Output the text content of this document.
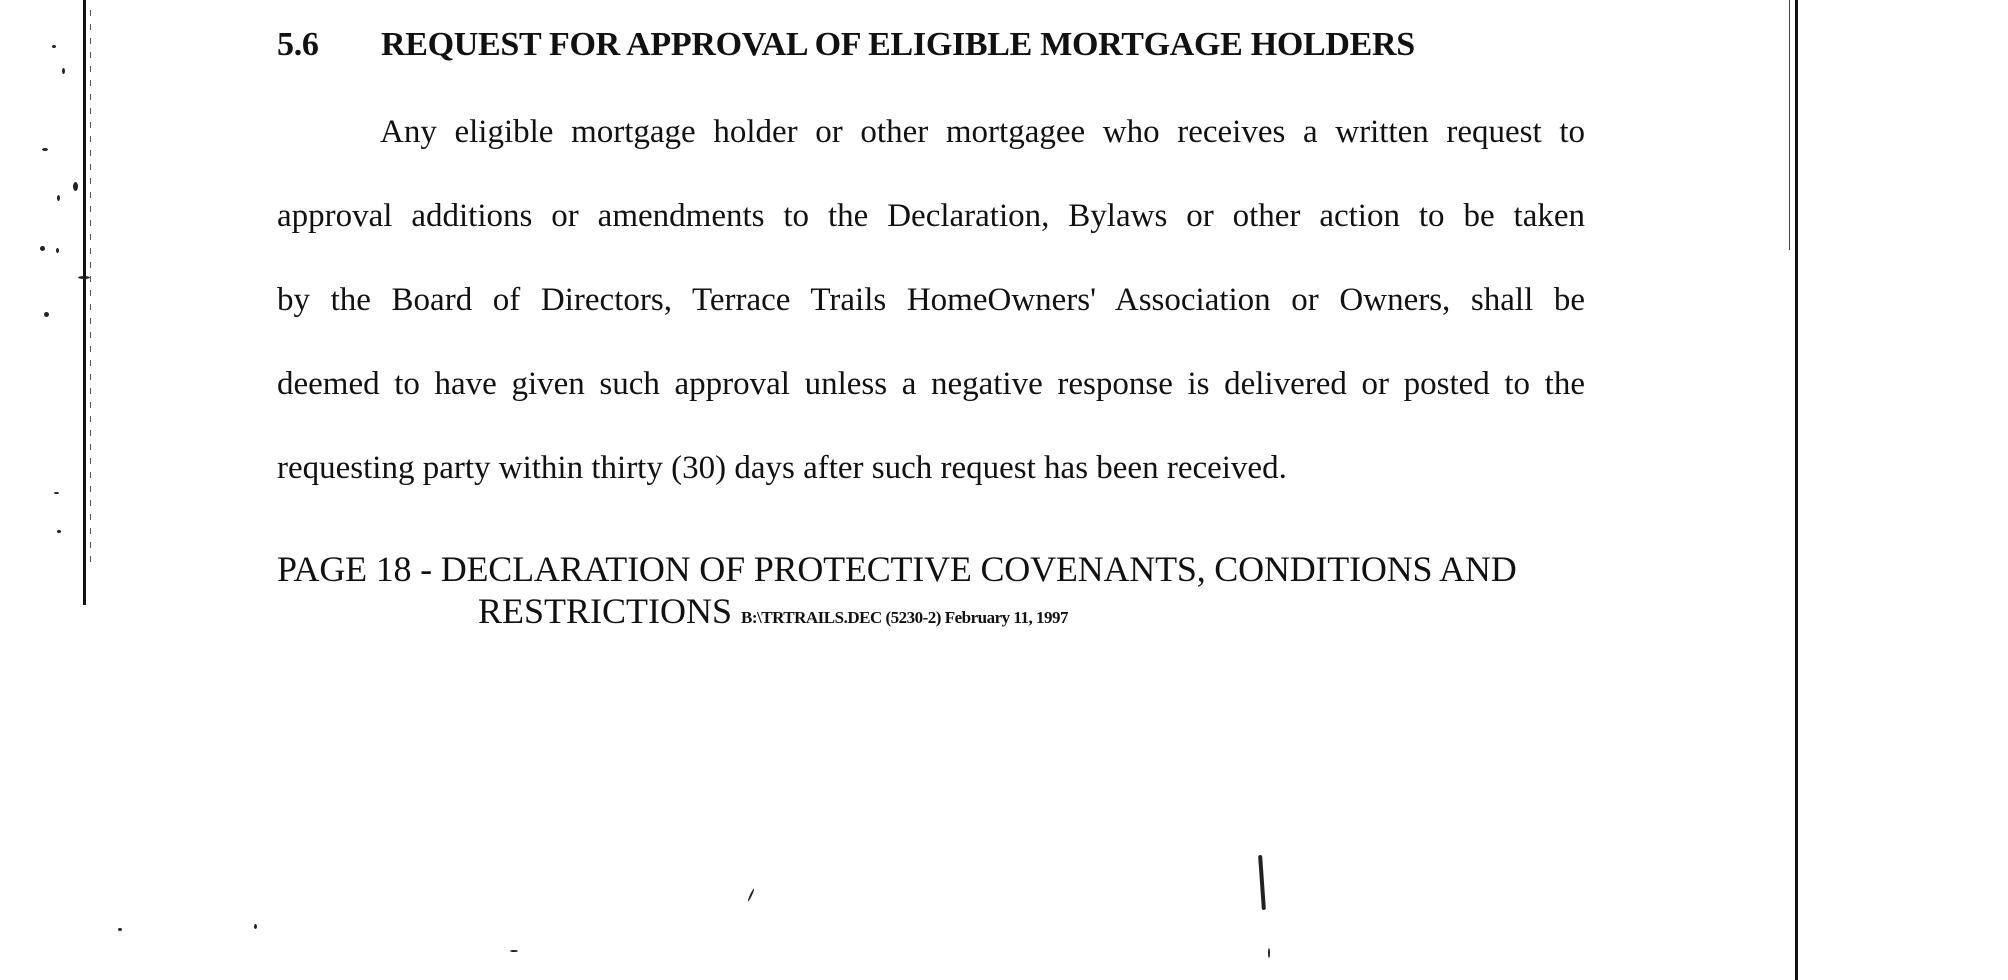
5.6 REQUEST FOR APPROVAL OF ELIGIBLE MORTGAGE HOLDERS
Any eligible mortgage holder or other mortgagee who receives a written request to
approval additions or amendments to the Declaration, Bylaws or other action to be taken
by the Board of Directors, Terrace Trails HomeOwners' Association or Owners, shall be
deemed to have given such approval unless a negative response is delivered or posted to the
requesting party within thirty (30) days after such request has been received.
PAGE 18 - DECLARATION OF PROTECTIVE COVENANTS, CONDITIONS AND
RESTRICTIONS B:\TRTRAILS.DEC (5230-2) February 11, 1997
